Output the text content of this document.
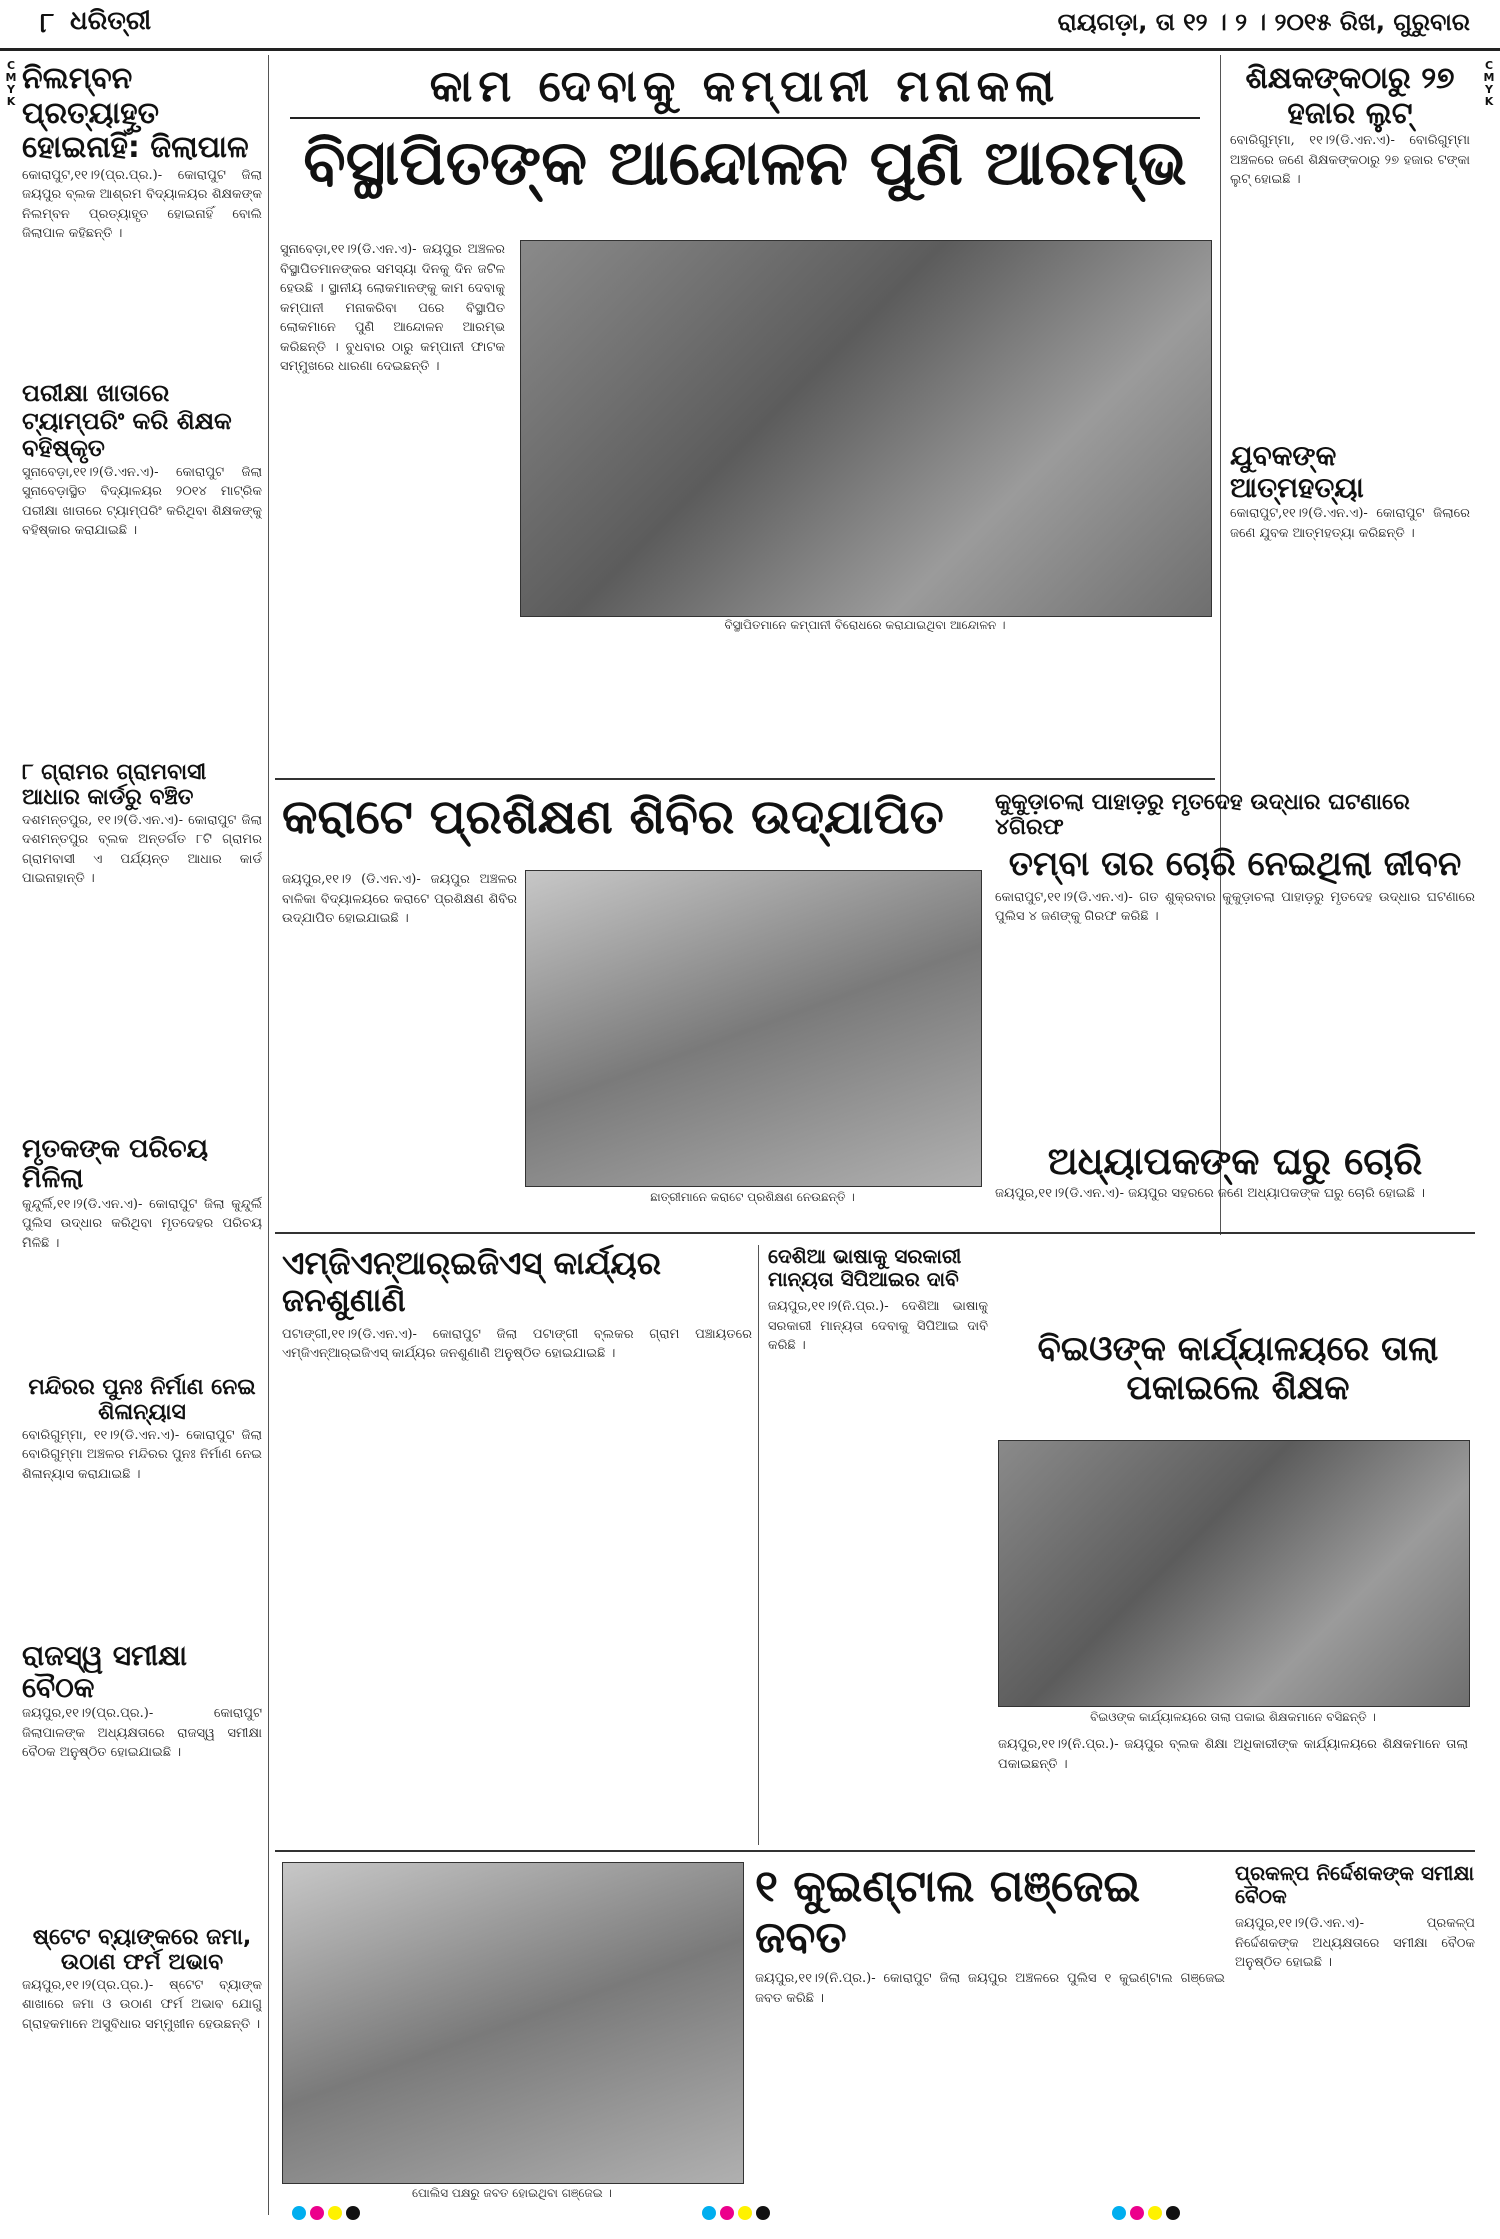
୮ ଧରିତ୍ରୀ	ରାୟଗଡ଼ା, ତା ୧୨ । ୨ । ୨୦୧୫ ରିଖ, ଗୁରୁବାର
C
M
Y
K
C
M
Y
K
ନିଲମ୍ବନ ପ୍ରତ୍ୟାହୃତ ହୋଇନାହିଁ: ଜିଲାପାଳ
କୋରାପୁଟ,୧୧।୨(ପ୍ର.ପ୍ର.)- କୋରାପୁଟ ଜିଲା ଜୟପୁର ବ୍ଲକ ଆଶ୍ରମ ବିଦ୍ୟାଳୟର ଶିକ୍ଷକଙ୍କ ନିଲମ୍ବନ ପ୍ରତ୍ୟାହୃତ ହୋଇନାହିଁ ବୋଲି ଜିଲାପାଳ କହିଛନ୍ତି ।
ପରୀକ୍ଷା ଖାତାରେ ଟ୍ୟାମ୍ପରିଂ କରି ଶିକ୍ଷକ ବହିଷ୍କୃତ
ସୁନାବେଡ଼ା,୧୧।୨(ଡି.ଏନ.ଏ)- କୋରାପୁଟ ଜିଲା ସୁନାବେଡ଼ାସ୍ଥିତ ବିଦ୍ୟାଳୟର ୨୦୧୪ ମାଟ୍ରିକ ପରୀକ୍ଷା ଖାତାରେ ଟ୍ୟାମ୍ପରିଂ କରିଥିବା ଶିକ୍ଷକଙ୍କୁ ବହିଷ୍କାର କରାଯାଇଛି ।
୮ ଗ୍ରାମର ଗ୍ରାମବାସୀ ଆଧାର କାର୍ଡରୁ ବଞ୍ଚିତ
ଦଶମନ୍ତପୁର, ୧୧।୨(ଡି.ଏନ.ଏ)- କୋରାପୁଟ ଜିଲା ଦଶମନ୍ତପୁର ବ୍ଲକ ଅନ୍ତର୍ଗତ ୮ଟି ଗ୍ରାମର ଗ୍ରାମବାସୀ ଏ ପର୍ଯ୍ୟନ୍ତ ଆଧାର କାର୍ଡ ପାଇନାହାନ୍ତି ।
ମୃତକଙ୍କ ପରିଚୟ ମିଳିଲା
କୁନ୍ଦୁର୍ଲି,୧୧।୨(ଡି.ଏନ.ଏ)- କୋରାପୁଟ ଜିଲା କୁନ୍ଦୁର୍ଲି ପୁଲିସ ଉଦ୍ଧାର କରିଥିବା ମୃତଦେହର ପରିଚୟ ମିଳିଛି ।
ମନ୍ଦିରର ପୁନଃ ନିର୍ମାଣ ନେଇ ଶିଳାନ୍ୟାସ
ବୋରିଗୁମ୍ମା, ୧୧।୨(ଡି.ଏନ.ଏ)- କୋରାପୁଟ ଜିଲା ବୋରିଗୁମ୍ମା ଅଞ୍ଚଳର ମନ୍ଦିରର ପୁନଃ ନିର୍ମାଣ ନେଇ ଶିଳାନ୍ୟାସ କରାଯାଇଛି ।
ରାଜସ୍ୱ ସମୀକ୍ଷା ବୈଠକ
ଜୟପୁର,୧୧।୨(ପ୍ର.ପ୍ର.)- କୋରାପୁଟ ଜିଲାପାଳଙ୍କ ଅଧ୍ୟକ୍ଷତାରେ ରାଜସ୍ୱ ସମୀକ୍ଷା ବୈଠକ ଅନୁଷ୍ଠିତ ହୋଇଯାଇଛି ।
ଷ୍ଟେଟ ବ୍ୟାଙ୍କରେ ଜମା, ଉଠାଣ ଫର୍ମ ଅଭାବ
ଜୟପୁର,୧୧।୨(ପ୍ର.ପ୍ର.)- ଷ୍ଟେଟ ବ୍ୟାଙ୍କ ଶାଖାରେ ଜମା ଓ ଉଠାଣ ଫର୍ମ ଅଭାବ ଯୋଗୁ ଗ୍ରାହକମାନେ ଅସୁବିଧାର ସମ୍ମୁଖୀନ ହେଉଛନ୍ତି ।
କାମ ଦେବାକୁ କମ୍ପାନୀ ମନାକଲା
ବିସ୍ଥାପିତଙ୍କ ଆନ୍ଦୋଳନ ପୁଣି ଆରମ୍ଭ
ସୁନାବେଡ଼ା,୧୧।୨(ଡି.ଏନ.ଏ)- ଜୟପୁର ଅଞ୍ଚଳର ବିସ୍ଥାପିତମାନଙ୍କର ସମସ୍ୟା ଦିନକୁ ଦିନ ଜଟିଳ ହେଉଛି । ସ୍ଥାନୀୟ ଲୋକମାନଙ୍କୁ କାମ ଦେବାକୁ କମ୍ପାନୀ ମନାକରିବା ପରେ ବିସ୍ଥାପିତ ଲୋକମାନେ ପୁଣି ଆନ୍ଦୋଳନ ଆରମ୍ଭ କରିଛନ୍ତି । ବୁଧବାର ଠାରୁ କମ୍ପାନୀ ଫାଟକ ସମ୍ମୁଖରେ ଧାରଣା ଦେଇଛନ୍ତି ।
ବିସ୍ଥାପିତମାନେ କମ୍ପାନୀ ବିରୋଧରେ କରାଯାଇଥିବା ଆନ୍ଦୋଳନ ।
ଶିକ୍ଷକଙ୍କଠାରୁ ୨୭ ହଜାର ଲୁଟ୍
ବୋରିଗୁମ୍ମା, ୧୧।୨(ଡି.ଏନ.ଏ)- ବୋରିଗୁମ୍ମା ଅଞ୍ଚଳରେ ଜଣେ ଶିକ୍ଷକଙ୍କଠାରୁ ୨୭ ହଜାର ଟଙ୍କା ଲୁଟ୍ ହୋଇଛି ।
ଯୁବକଙ୍କ ଆତ୍ମହତ୍ୟା
କୋରାପୁଟ,୧୧।୨(ଡି.ଏନ.ଏ)- କୋରାପୁଟ ଜିଲାରେ ଜଣେ ଯୁବକ ଆତ୍ମହତ୍ୟା କରିଛନ୍ତି ।
କରାଟେ ପ୍ରଶିକ୍ଷଣ ଶିବିର ଉଦ୍‌ଯାପିତ
ଜୟପୁର,୧୧।୨ (ଡି.ଏନ.ଏ)- ଜୟପୁର ଅଞ୍ଚଳର ବାଳିକା ବିଦ୍ୟାଳୟରେ କରାଟେ ପ୍ରଶିକ୍ଷଣ ଶିବିର ଉଦ୍‌ଯାପିତ ହୋଇଯାଇଛି ।
ଛାତ୍ରୀମାନେ କରାଟେ ପ୍ରଶିକ୍ଷଣ ନେଉଛନ୍ତି ।
କୁକୁଡ଼ାଚଲା ପାହାଡ଼ରୁ ମୃତଦେହ ଉଦ୍ଧାର ଘଟଣାରେ ୪ଗିରଫ
ତମ୍ବା ତାର ଚୋରି ନେଇଥିଲା ଜୀବନ
କୋରାପୁଟ,୧୧।୨(ଡି.ଏନ.ଏ)- ଗତ ଶୁକ୍ରବାର କୁକୁଡ଼ାଚଲା ପାହାଡ଼ରୁ ମୃତଦେହ ଉଦ୍ଧାର ଘଟଣାରେ ପୁଲିସ ୪ ଜଣଙ୍କୁ ଗିରଫ କରିଛି ।
ଅଧ୍ୟାପକଙ୍କ ଘରୁ ଚୋରି
ଜୟପୁର,୧୧।୨(ଡି.ଏନ.ଏ)- ଜୟପୁର ସହରରେ ଜଣେ ଅଧ୍ୟାପକଙ୍କ ଘରୁ ଚୋରି ହୋଇଛି ।
ଏମ୍‌ଜିଏନ୍‌ଆର୍‌ଇଜିଏସ୍ କାର୍ଯ୍ୟର ଜନଶୁଣାଣି
ପଟାଙ୍ଗୀ,୧୧।୨(ଡି.ଏନ.ଏ)- କୋରାପୁଟ ଜିଲା ପଟାଙ୍ଗୀ ବ୍ଲକର ଗ୍ରାମ ପଞ୍ଚାୟତରେ ଏମ୍‌ଜିଏନ୍‌ଆର୍‌ଇଜିଏସ୍ କାର୍ଯ୍ୟର ଜନଶୁଣାଣି ଅନୁଷ୍ଠିତ ହୋଇଯାଇଛି ।
ଦେଶିଆ ଭାଷାକୁ ସରକାରୀ ମାନ୍ୟତା ସିପିଆଇର ଦାବି
ଜୟପୁର,୧୧।୨(ନି.ପ୍ର.)- ଦେଶିଆ ଭାଷାକୁ ସରକାରୀ ମାନ୍ୟତା ଦେବାକୁ ସିପିଆଇ ଦାବି କରିଛି ।	ବିଇଓଙ୍କ କାର୍ଯ୍ୟାଳୟରେ ତାଲା ପକାଇଲେ ଶିକ୍ଷକ
ବିଇଓଙ୍କ କାର୍ଯ୍ୟାଳୟରେ ତାଲା ପକାଇ ଶିକ୍ଷକମାନେ ବସିଛନ୍ତି ।
ଜୟପୁର,୧୧।୨(ନି.ପ୍ର.)- ଜୟପୁର ବ୍ଲକ ଶିକ୍ଷା ଅଧିକାରୀଙ୍କ କାର୍ଯ୍ୟାଳୟରେ ଶିକ୍ଷକମାନେ ତାଲା ପକାଇଛନ୍ତି ।
ପୋଲିସ ପକ୍ଷରୁ ଜବତ ହୋଇଥିବା ଗଞ୍ଜେଇ ।
୧ କୁଇଣ୍ଟାଲ ଗଞ୍ଜେଇ ଜବତ
ଜୟପୁର,୧୧।୨(ନି.ପ୍ର.)- କୋରାପୁଟ ଜିଲା ଜୟପୁର ଅଞ୍ଚଳରେ ପୁଲିସ ୧ କୁଇଣ୍ଟାଲ ଗଞ୍ଜେଇ ଜବତ କରିଛି ।
ପ୍ରକଳ୍ପ ନିର୍ଦ୍ଦେଶକଙ୍କ ସମୀକ୍ଷା ବୈଠକ
ଜୟପୁର,୧୧।୨(ଡି.ଏନ.ଏ)- ପ୍ରକଳ୍ପ ନିର୍ଦ୍ଦେଶକଙ୍କ ଅଧ୍ୟକ୍ଷତାରେ ସମୀକ୍ଷା ବୈଠକ ଅନୁଷ୍ଠିତ ହୋଇଛି ।
